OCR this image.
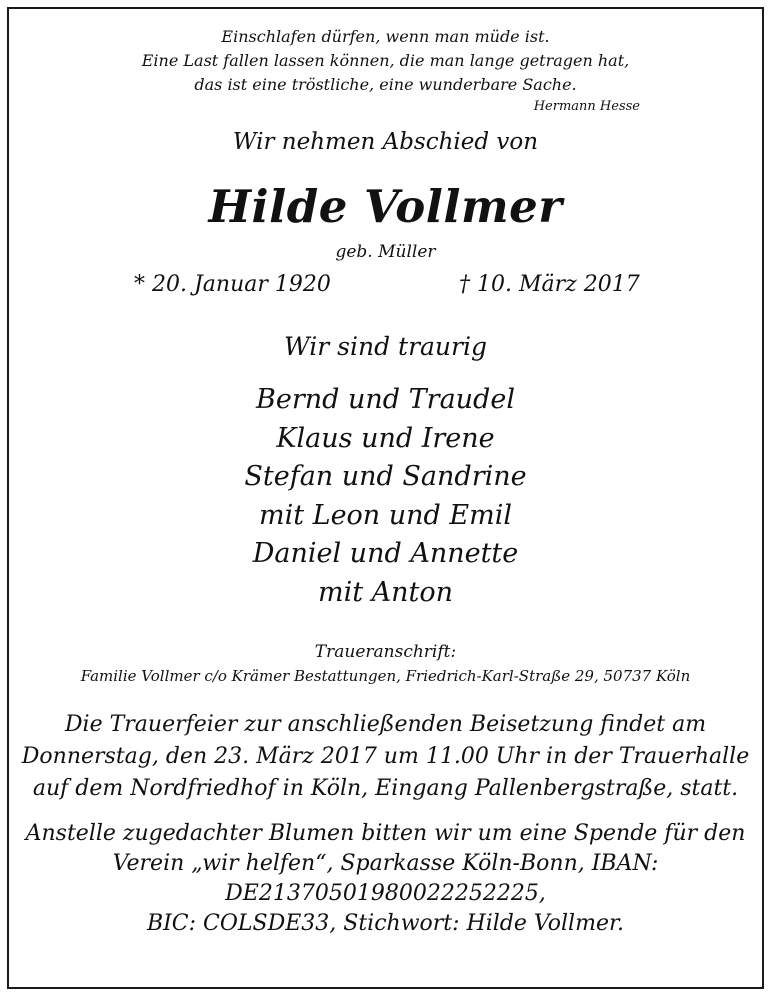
Einschlafen dürfen, wenn man müde ist.
Eine Last fallen lassen können, die man lange getragen hat,
das ist eine tröstliche, eine wunderbare Sache.
Hermann Hesse
Wir nehmen Abschied von
Hilde Vollmer
geb. Müller
* 20. Januar 1920	† 10. März 2017
Wir sind traurig
Bernd und Traudel
Klaus und Irene
Stefan und Sandrine
mit Leon und Emil
Daniel und Annette
mit Anton
Traueranschrift:
Familie Vollmer c/o Krämer Bestattungen, Friedrich-Karl-Straße 29, 50737 Köln
Die Trauerfeier zur anschließenden Beisetzung findet am
Donnerstag, den 23. März 2017 um 11.00 Uhr in der Trauerhalle
auf dem Nordfriedhof in Köln, Eingang Pallenbergstraße, statt.
Anstelle zugedachter Blumen bitten wir um eine Spende für den
Verein „wir helfen“, Sparkasse Köln-Bonn, IBAN:
DE21370501980022252225,
BIC: COLSDE33, Stichwort: Hilde Vollmer.
